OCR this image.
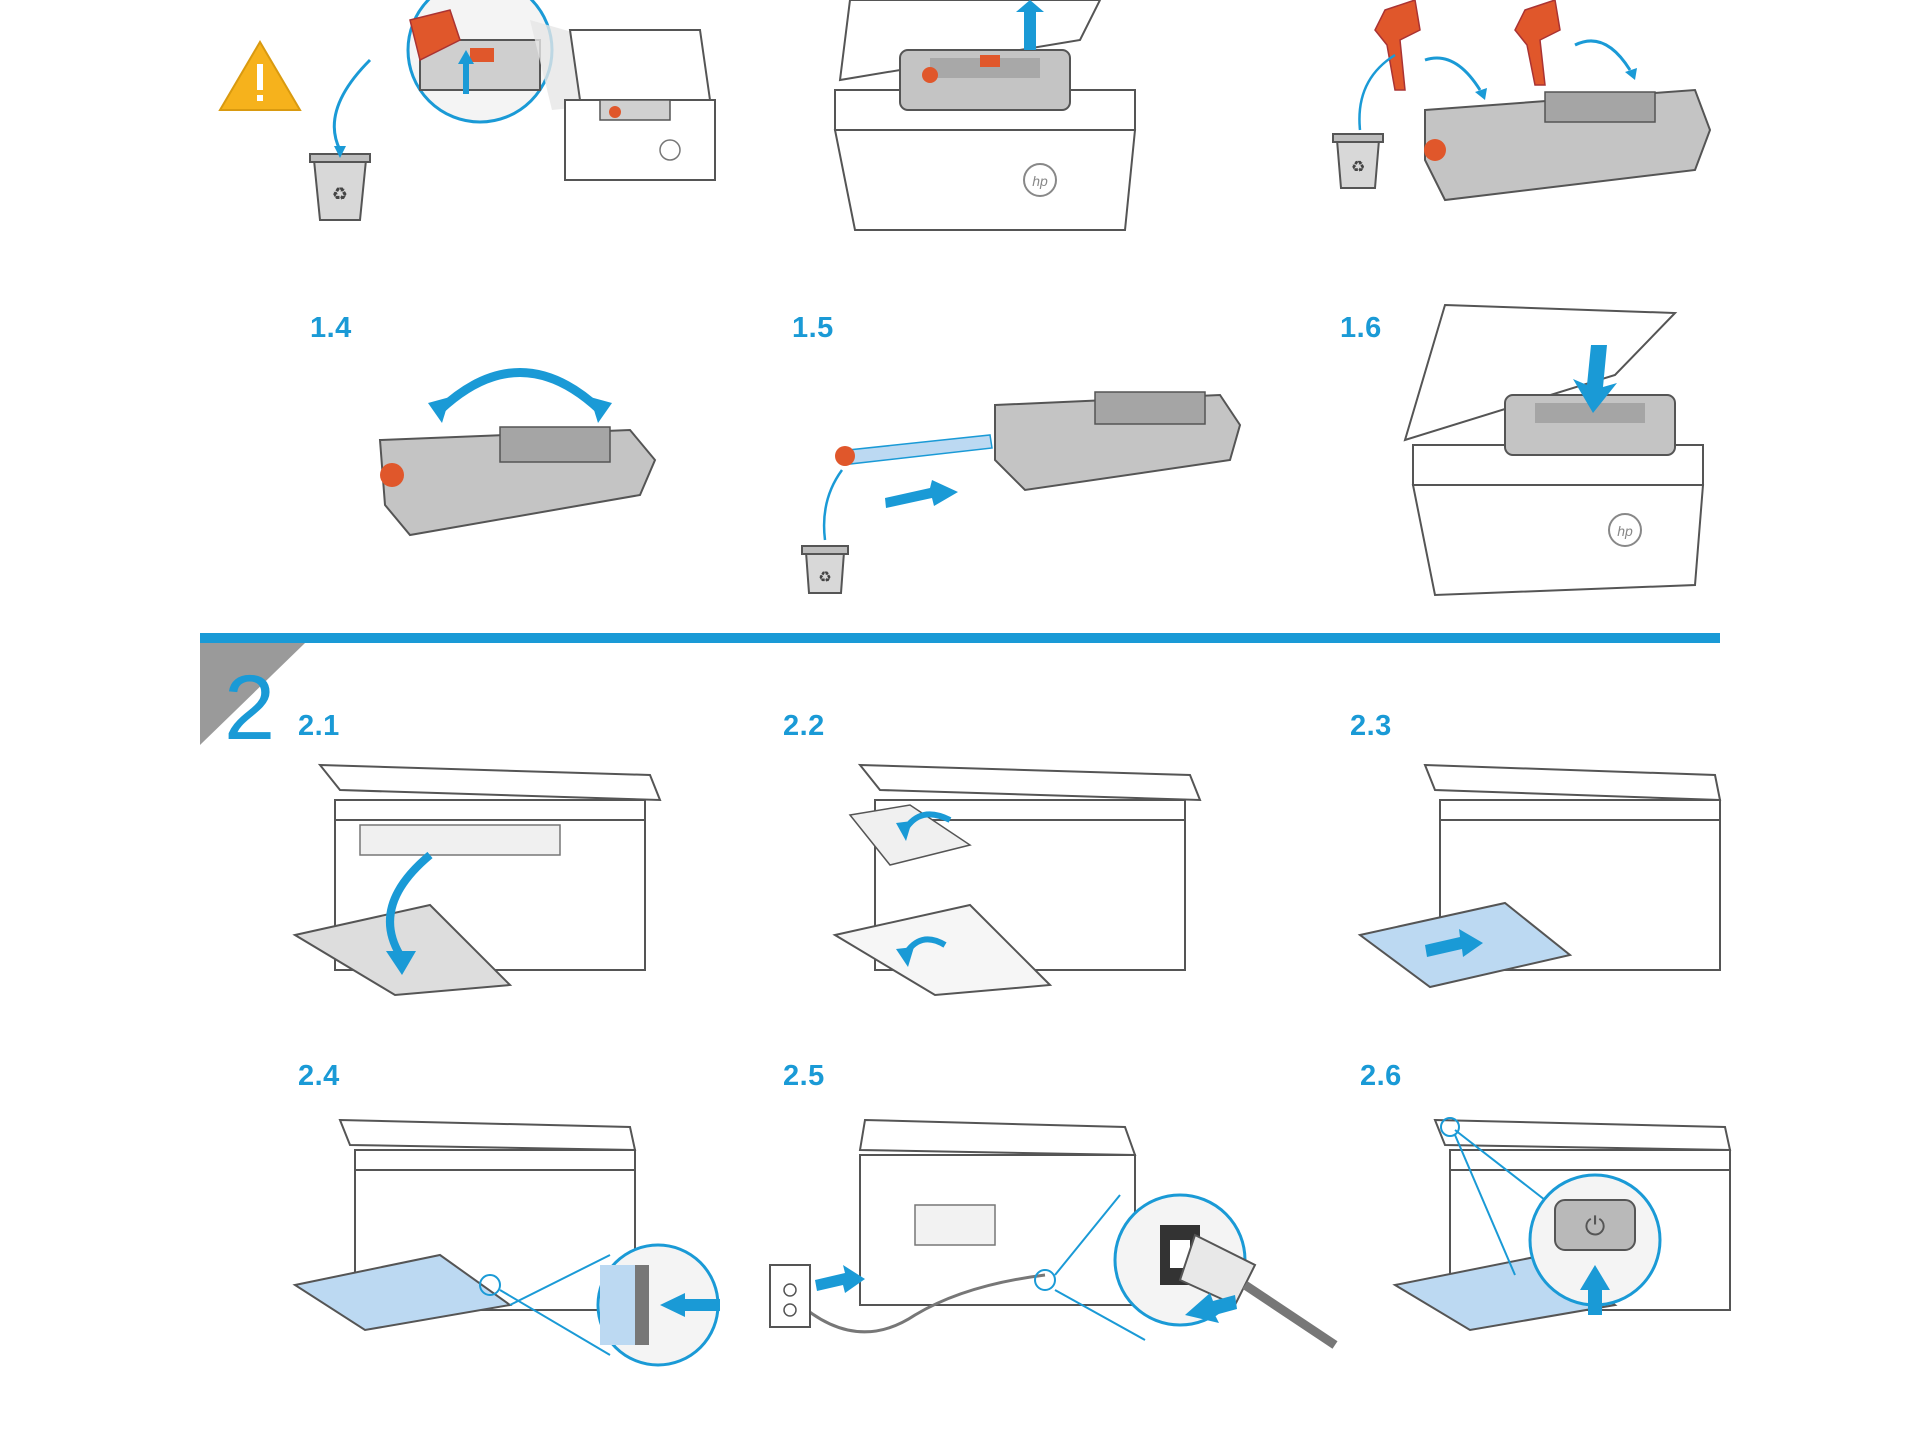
♻
hp
♻
1.4	1.5	1.6
♻
hp
2 2.1	2.2	2.3
2.4	2.5	2.6
⏻
